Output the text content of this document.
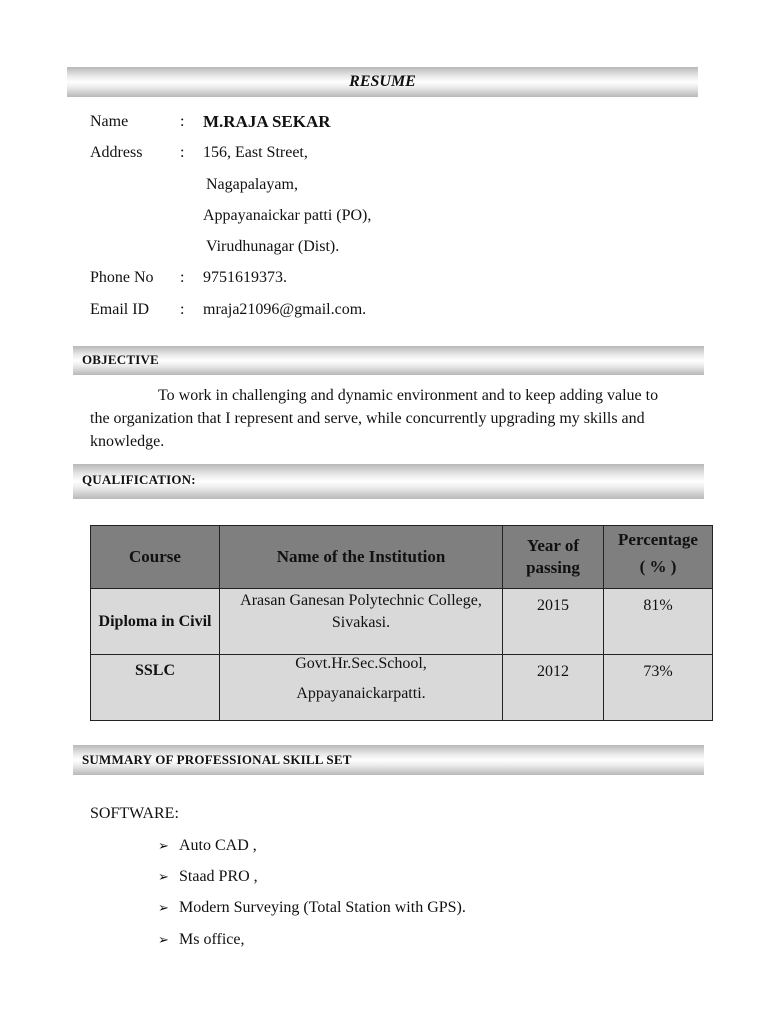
RESUME
Name	: M.RAJA SEKAR
Address : 156, East Street,
Nagapalayam,
Appayanaickar patti (PO),
Virudhunagar (Dist).
Phone No : 9751619373.
Email ID : mraja21096@gmail.com.
OBJECTIVE
To work in challenging and dynamic environment and to keep adding value to the organization that I represent and serve, while concurrently upgrading my skills and knowledge.
QUALIFICATION:
Course	Name of the Institution	Year of passing	Percentage
( % )

Diploma in Civil	Arasan Ganesan Polytechnic College, Sivakasi.	2015	81%
SSLC	Govt.Hr.Sec.School,
Appayanaickarpatti.	2012	73%
SUMMARY OF PROFESSIONAL SKILL SET
SOFTWARE:
➢ Auto CAD ,
➢ Staad PRO ,
➢ Modern Surveying (Total Station with GPS).
➢ Ms office,
